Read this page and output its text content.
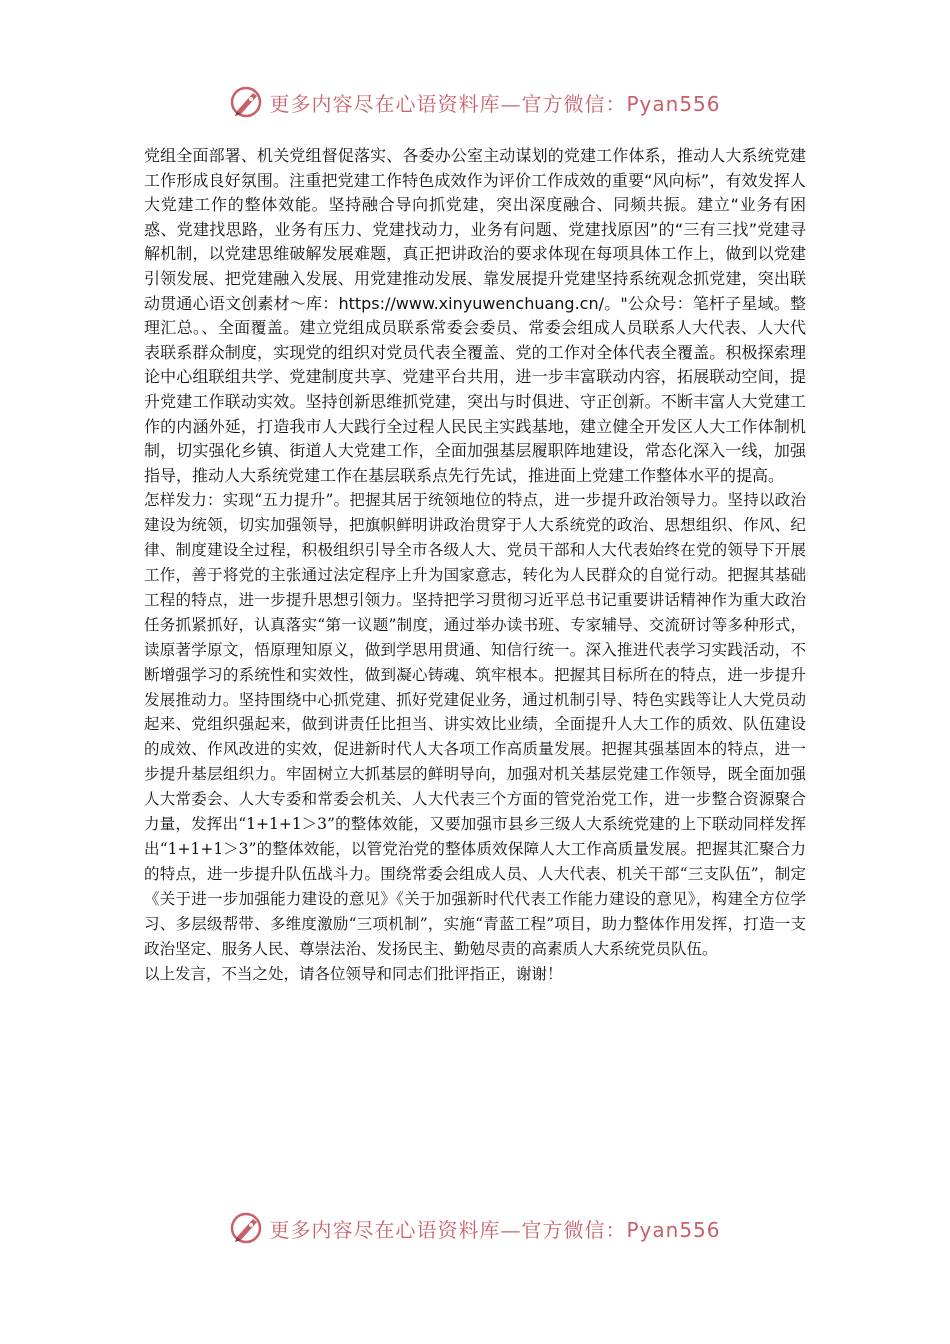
更多内容尽在心语资料库—官方微信：Pyan556

党组全面部署、机关党组督促落实、各委办公室主动谋划的党建工作体系，推动人大系统党建工作形成良好氛围。注重把党建工作特色成效作为评价工作成效的重要“风向标”，有效发挥人大党建工作的整体效能。坚持融合导向抓党建，突出深度融合、同频共振。建立“业务有困惑、党建找思路，业务有压力、党建找动力，业务有问题、党建找原因”的“三有三找”党建寻解机制，以党建思维破解发展难题，真正把讲政治的要求体现在每项具体工作上，做到以党建引领发展、把党建融入发展、用党建推动发展、靠发展提升党建坚持系统观念抓党建，突出联动贯通心语文创素材～库：https://www.xinyuwenchuang.cn/。"公众号：笔杆子星域。整理汇总。、全面覆盖。建立党组成员联系常委会委员、常委会组成人员联系人大代表、人大代表联系群众制度，实现党的组织对党员代表全覆盖、党的工作对全体代表全覆盖。积极探索理论中心组联组共学、党建制度共享、党建平台共用，进一步丰富联动内容，拓展联动空间，提升党建工作联动实效。坚持创新思维抓党建，突出与时俱进、守正创新。不断丰富人大党建工作的内涵外延，打造我市人大践行全过程人民民主实践基地，建立健全开发区人大工作体制机制，切实强化乡镇、街道人大党建工作，全面加强基层履职阵地建设，常态化深入一线，加强指导，推动人大系统党建工作在基层联系点先行先试，推进面上党建工作整体水平的提高。

怎样发力：实现“五力提升”。把握其居于统领地位的特点，进一步提升政治领导力。坚持以政治建设为统领，切实加强领导，把旗帜鲜明讲政治贯穿于人大系统党的政治、思想组织、作风、纪律、制度建设全过程，积极组织引导全市各级人大、党员干部和人大代表始终在党的领导下开展工作，善于将党的主张通过法定程序上升为国家意志，转化为人民群众的自觉行动。把握其基础工程的特点，进一步提升思想引领力。坚持把学习贯彻习近平总书记重要讲话精神作为重大政治任务抓紧抓好，认真落实“第一议题”制度，通过举办读书班、专家辅导、交流研讨等多种形式，读原著学原文，悟原理知原义，做到学思用贯通、知信行统一。深入推进代表学习实践活动，不断增强学习的系统性和实效性，做到凝心铸魂、筑牢根本。把握其目标所在的特点，进一步提升发展推动力。坚持围绕中心抓党建、抓好党建促业务，通过机制引导、特色实践等让人大党员动起来、党组织强起来，做到讲责任比担当、讲实效比业绩，全面提升人大工作的质效、队伍建设的成效、作风改进的实效，促进新时代人大各项工作高质量发展。把握其强基固本的特点，进一步提升基层组织力。牢固树立大抓基层的鲜明导向，加强对机关基层党建工作领导，既全面加强人大常委会、人大专委和常委会机关、人大代表三个方面的管党治党工作，进一步整合资源聚合力量，发挥出“1+1+1＞3”的整体效能，又要加强市县乡三级人大系统党建的上下联动同样发挥出“1+1+1＞3”的整体效能，以管党治党的整体质效保障人大工作高质量发展。把握其汇聚合力的特点，进一步提升队伍战斗力。围绕常委会组成人员、人大代表、机关干部“三支队伍”，制定《关于进一步加强能力建设的意见》《关于加强新时代代表工作能力建设的意见》，构建全方位学习、多层级帮带、多维度激励“三项机制”，实施“青蓝工程”项目，助力整体作用发挥，打造一支政治坚定、服务人民、尊崇法治、发扬民主、勤勉尽责的高素质人大系统党员队伍。

以上发言，不当之处，请各位领导和同志们批评指正，谢谢！

更多内容尽在心语资料库—官方微信：Pyan556
